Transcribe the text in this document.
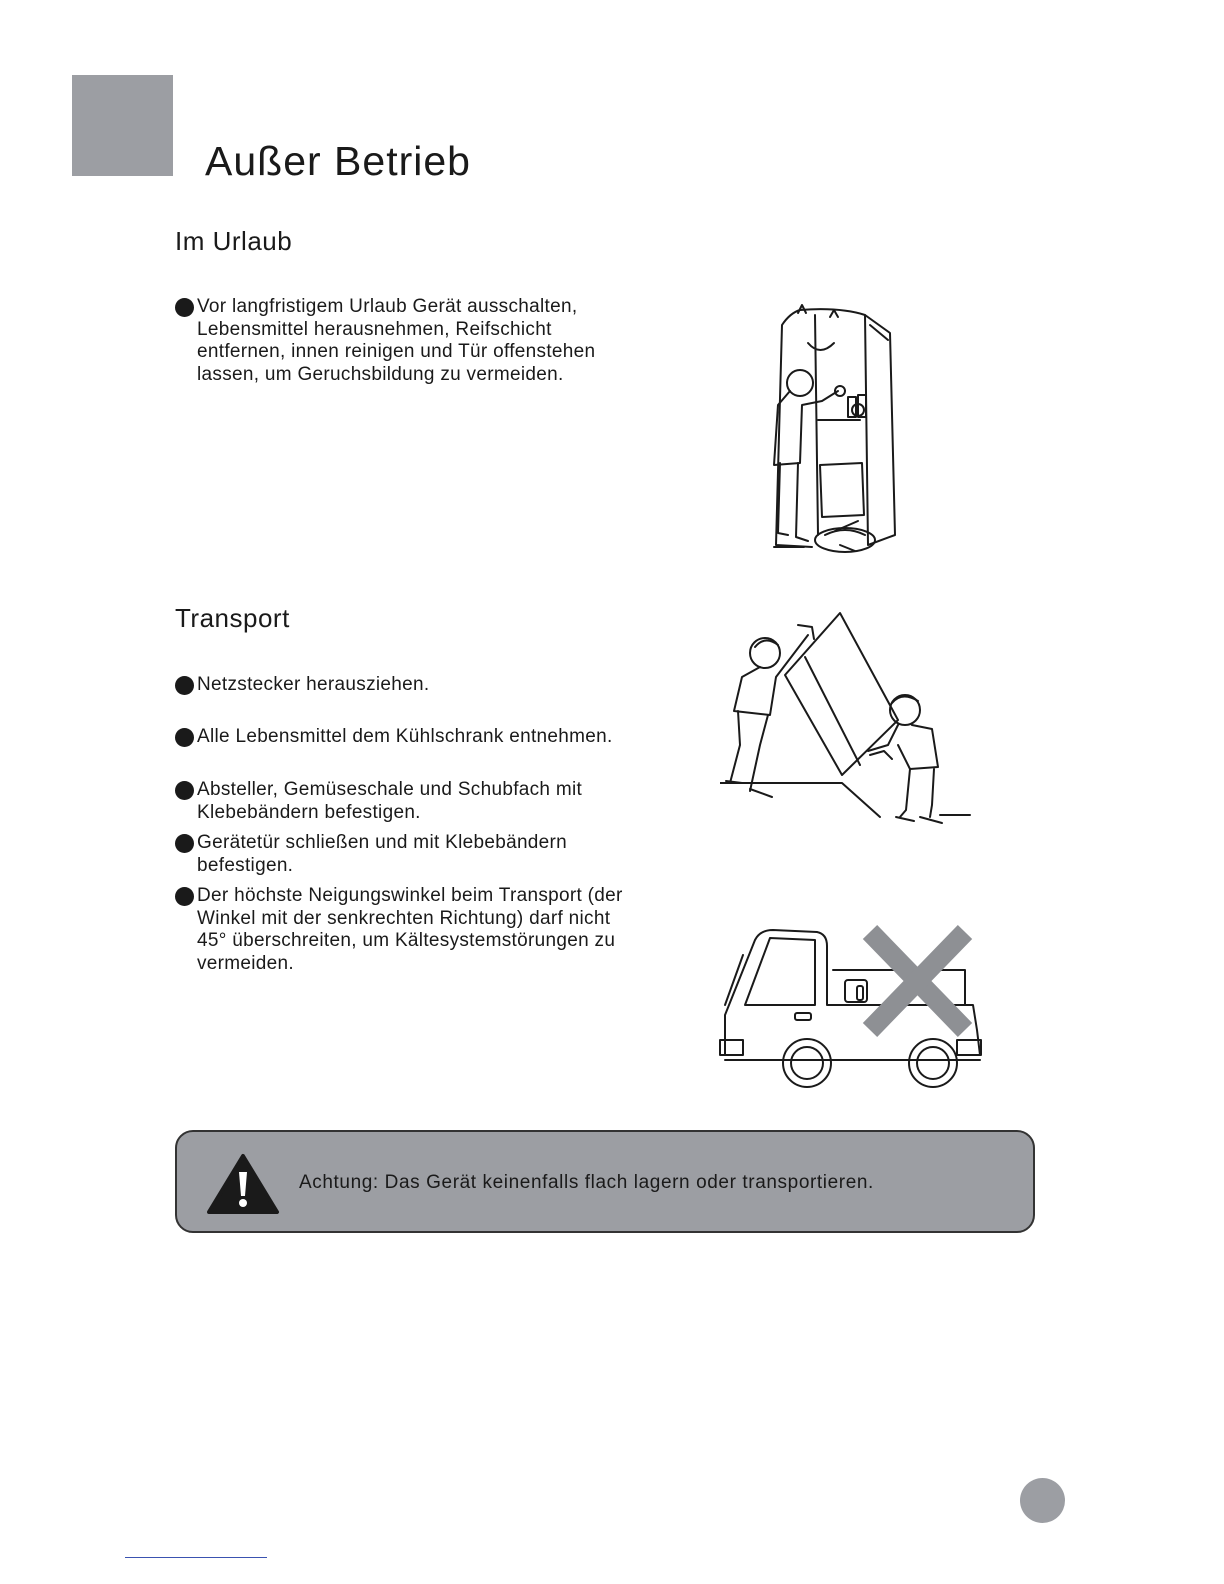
Außer Betrieb
Im Urlaub
Vor langfristigem Urlaub Gerät ausschalten, Lebensmittel herausnehmen, Reifschicht entfernen, innen reinigen und Tür offenstehen lassen, um Geruchsbildung zu vermeiden.
Transport
Netzstecker herausziehen.
Alle Lebensmittel dem Kühlschrank entnehmen.
Absteller, Gemüseschale und Schubfach mit Klebebändern befestigen.
Gerätetür schließen und mit Klebebändern befestigen.
Der höchste Neigungswinkel beim Transport (der Winkel mit der senkrechten Richtung) darf nicht 45° überschreiten, um Kältesystemstörungen zu vermeiden.
Achtung: Das Gerät keinenfalls flach lagern oder transportieren.
